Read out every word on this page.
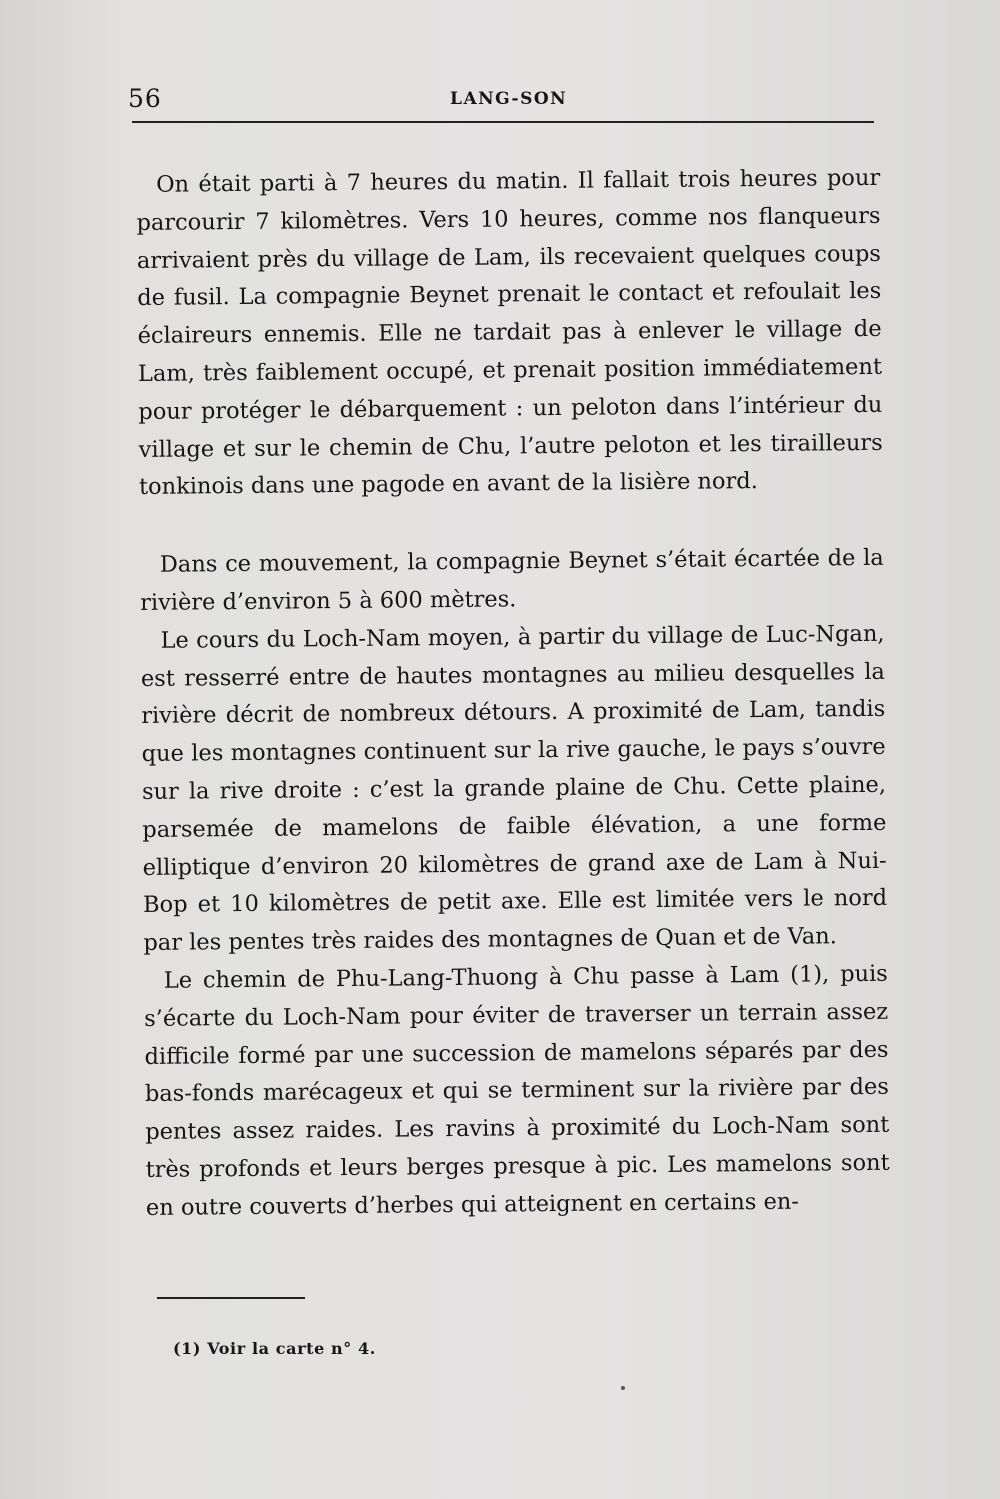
56	LANG-SON

On était parti à 7 heures du matin. Il fallait trois heures pour parcourir 7 kilomètres. Vers 10 heures, comme nos flanqueurs arrivaient près du village de Lam, ils recevaient quelques coups de fusil. La compagnie Beynet prenait le contact et refoulait les éclaireurs ennemis. Elle ne tardait pas à enlever le village de Lam, très faiblement occupé, et prenait position immédiatement pour protéger le débarquement : un peloton dans l’intérieur du village et sur le chemin de Chu, l’autre peloton et les tirailleurs tonkinois dans une pagode en avant de la lisière nord.

Dans ce mouvement, la compagnie Beynet s’était écartée de la rivière d’environ 5 à 600 mètres.

Le cours du Loch-Nam moyen, à partir du village de Luc-Ngan, est resserré entre de hautes montagnes au milieu desquelles la rivière décrit de nombreux détours. A proximité de Lam, tandis que les montagnes continuent sur la rive gauche, le pays s’ouvre sur la rive droite : c’est la grande plaine de Chu. Cette plaine, parsemée de mamelons de faible élévation, a une forme elliptique d’environ 20 kilomètres de grand axe de Lam à Nui-Bop et 10 kilomètres de petit axe. Elle est limitée vers le nord par les pentes très raides des montagnes de Quan et de Van.

Le chemin de Phu-Lang-Thuong à Chu passe à Lam (1), puis s’écarte du Loch-Nam pour éviter de traverser un terrain assez difficile formé par une succession de mamelons séparés par des bas-fonds marécageux et qui se terminent sur la rivière par des pentes assez raides. Les ravins à proximité du Loch-Nam sont très profonds et leurs berges presque à pic. Les mamelons sont en outre couverts d’herbes qui atteignent en certains en-

(1) Voir la carte n° 4.
